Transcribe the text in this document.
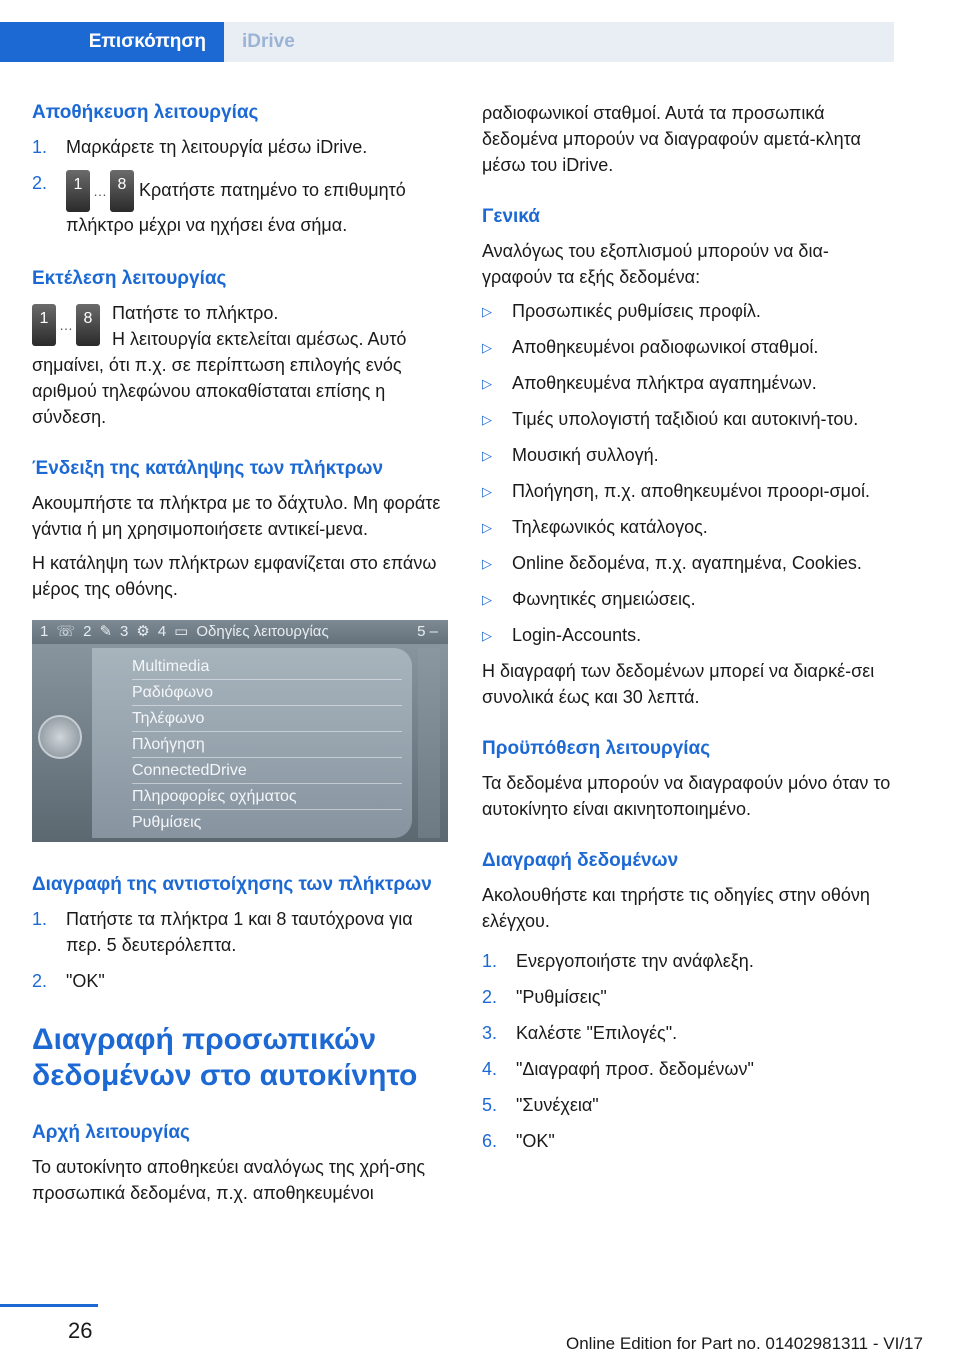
Επισκόπηση	iDrive
Αποθήκευση λειτουργίας
1.	Μαρκάρετε τη λειτουργία μέσω iDrive.
2.	1 … 8 Κρατήστε πατημένο το επιθυμητό πλήκτρο μέχρι να ηχήσει ένα σήμα.
Εκτέλεση λειτουργίας
1 … 8	Πατήστε το πλήκτρο.
Η λειτουργία εκτελείται αμέσως. Αυτό σημαίνει, ότι π.χ. σε περίπτωση επιλογής ενός αριθμού τηλεφώνου αποκαθίσταται επίσης η σύνδεση.
Ένδειξη της κατάληψης των πλήκτρων
Ακουμπήστε τα πλήκτρα με το δάχτυλο. Μη φοράτε γάντια ή μη χρησιμοποιήσετε αντικεί‐μενα.
Η κατάληψη των πλήκτρων εμφανίζεται στο επάνω μέρος της οθόνης.
1 ☏ 2 ✎ 3 ⚙ 4 ▭ Οδηγίες λειτουργίας	5 –
Multimedia
Ραδιόφωνο
Τηλέφωνο
Πλοήγηση
ConnectedDrive
Πληροφορίες οχήματος
Ρυθμίσεις
Διαγραφή της αντιστοίχησης των πλήκτρων
1.	Πατήστε τα πλήκτρα 1 και 8 ταυτόχρονα για περ. 5 δευτερόλεπτα.
2.	"OK"
Διαγραφή προσωπικών δεδομένων στο αυτοκίνητο
Αρχή λειτουργίας
Το αυτοκίνητο αποθηκεύει αναλόγως της χρή‐σης προσωπικά δεδομένα, π.χ. αποθηκευμένοι
ραδιοφωνικοί σταθμοί. Αυτά τα προσωπικά δεδομένα μπορούν να διαγραφούν αμετά‐κλητα μέσω του iDrive.
Γενικά
Αναλόγως του εξοπλισμού μπορούν να δια‐γραφούν τα εξής δεδομένα:
▷	Προσωπικές ρυθμίσεις προφίλ.
▷	Αποθηκευμένοι ραδιοφωνικοί σταθμοί.
▷	Αποθηκευμένα πλήκτρα αγαπημένων.
▷	Τιμές υπολογιστή ταξιδιού και αυτοκινή‐του.
▷	Μουσική συλλογή.
▷	Πλοήγηση, π.χ. αποθηκευμένοι προορι‐σμοί.
▷	Τηλεφωνικός κατάλογος.
▷	Online δεδομένα, π.χ. αγαπημένα, Cookies.
▷	Φωνητικές σημειώσεις.
▷	Login-Accounts.
Η διαγραφή των δεδομένων μπορεί να διαρκέ‐σει συνολικά έως και 30 λεπτά.
Προϋπόθεση λειτουργίας
Τα δεδομένα μπορούν να διαγραφούν μόνο όταν το αυτοκίνητο είναι ακινητοποιημένο.
Διαγραφή δεδομένων
Ακολουθήστε και τηρήστε τις οδηγίες στην οθόνη ελέγχου.
1.	Ενεργοποιήστε την ανάφλεξη.
2.	"Ρυθμίσεις"
3.	Καλέστε "Επιλογές".
4.	"Διαγραφή προσ. δεδομένων"
5.	"Συνέχεια"
6.	"OK"
26
Online Edition for Part no. 01402981311 - VI/17
